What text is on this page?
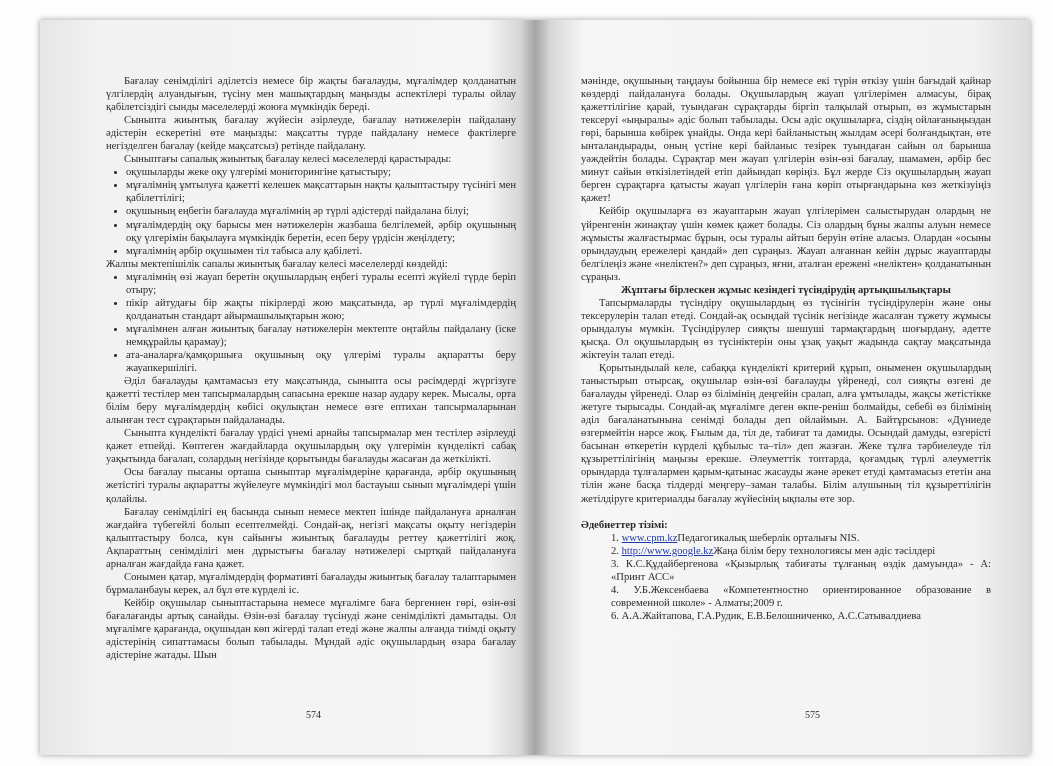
Бағалау сенімділігі әділетсіз немесе бір жақты бағалауды, мұғалімдер қолданатын үлгілердің алуандығын, түсіну мен машықтардың маңызды аспектілері туралы ойлау қабілетсіздігі сынды мәселелерді жоюға мүмкіндік береді.

Сыныпта жиынтық бағалау жүйесін әзірлеуде, бағалау нәтижелерін пайдалану әдістерін ескеретіні өте маңызды: мақсатты түрде пайдалану немесе фактілерге негізделген бағалау (кейде мақсатсыз) ретінде пайдалану.

Сыныптағы сапалық жиынтық бағалау келесі мәселелерді қарастырады:

• оқушыларды жеке оқу үлгерімі мониторингіне қатыстыру;
• мұғалімнің ұмтылуға қажетті келешек мақсаттарын нақты қалыптастыру түсінігі мен қабілеттілігі;
• оқушының еңбегін бағалауда мұғалімнің әр түрлі әдістерді пайдалана білуі;
• мұғалімдердің оқу барысы мен нәтижелерін жазбаша белгілемей, әрбір оқушының оқу үлгерімін бақылауға мүмкіндік беретін, есеп беру үрдісін жеңілдету;
• мұғалімнің әрбір оқушымен тіл табыса алу қабілеті.

Жалпы мектепішілік сапалы жиынтық бағалау келесі мәселелерді көздейді:

• мұғалімнің өзі жауап беретін оқушылардың еңбегі туралы есепті жүйелі түрде беріп отыру;
• пікір айтудағы бір жақты пікірлерді жою мақсатында, әр түрлі мұғалімдердің қолданатын стандарт айырмашылықтарын жою;
• мұғалімнен алған жиынтық бағалау нәтижелерін мектепте оңтайлы пайдалану (іске немқұрайлы қарамау);
• ата-аналарға/қамқоршыға оқушының оқу үлгерімі туралы ақпаратты беру жауапкершілігі.

Әділ бағалауды қамтамасыз ету мақсатында, сыныпта осы рәсімдерді жүргізуге қажетті тестілер мен тапсырмалардың сапасына ерекше назар аудару керек. Мысалы, орта білім беру мұғалімдердің көбісі оқулықтан немесе өзге ептихан тапсырмаларынан алынған тест сұрақтарын пайдаланады.

Сыныпта күнделікті бағалау үрдісі үнемі арнайы тапсырмалар мен тестілер әзірлеуді қажет етпейді. Көптеген жағдайларда оқушылардың оқу үлгерімін күнделікті сабақ уақытында бағалап, солардың негізінде қорытынды бағалауды жасаған да жеткілікті.

Осы бағалау пысаны орташа сыныптар мұғалімдеріне қарағанда, әрбір оқушының жетістігі туралы ақпаратты жүйелеуге мүмкіндігі мол бастауыш сынып мұғалімдері үшін қолайлы.

Бағалау сенімділігі ең басында сынып немесе мектеп ішінде пайдалануға арналған жағдайға түбегейлі болып есептелмейді. Сондай-ақ, негізгі мақсаты оқыту негіздерін қалыптастыру болса, күн сайынғы жиынтық бағалауды реттеу қажеттілігі жоқ. Ақпараттың сенімділігі мен дұрыстығы бағалау нәтижелері сыртқай пайдалануға арналған жағдайда ғана қажет.

Сонымен қатар, мұғалімдердің формативті бағалауды жиынтық бағалау талаптарымен бұрмаланбауы керек, ал бұл өте күрделі іс.

Кейбір оқушылар сыныптастарына немесе мұғалімге баға бергеннен гөрі, өзін-өзі бағалағанды артық санайды. Өзін-өзі бағалау түсінуді және сенімділікті дамытады. Ол мұғалімге қарағанда, оқушыдан көп жігерді талап етеді және жалпы алғанда тиімді оқыту әдістерінің сипаттамасы болып табылады. Мұндай әдіс оқушылардың өзара бағалау әдістеріне жатады. Шын

574

мәнінде, оқушының таңдауы бойынша бір немесе екі түрін өткізу үшін бағыдай қайнар көздерді пайдалануға болады. Оқушылардың жауап үлгілерімен алмасуы, бірақ қажеттілігіне қарай, туындаған сұрақтарды біргіп талқылай отырып, өз жұмыстарын тексеруі «ыңыралы» әдіс болып табылады. Осы әдіс оқушыларға, сіздің ойлағаныңыздан гөрі, барынша көбірек ұнайды. Онда кері байланыстың жылдам әсері болғандықтан, өте ынталандырады, оның үстіне кері байланыс тезірек туындаған сайын ол барынша уәждейтін болады. Сұрақтар мен жауап үлгілерін өзін-өзі бағалау, шамамен, әрбір бес минут сайын өткізілетіндей етіп дайындап көріңіз. Бұл жерде Сіз оқушылардың жауап берген сұрақтарға қатысты жауап үлгілерін ғана көріп отырғандарына көз жеткізуіңіз қажет!

Кейбір оқушыларға өз жауаптарын жауап үлгілерімен салыстырудан олардың не үйренгенін жинақтау үшін көмек қажет болады. Сіз олардың бұны жалпы алуын немесе жұмысты жалғастырмас бұрын, осы туралы айтып беруін өтіне аласыз. Олардан «осыны орындаудың ережелері қандай» деп сұраңыз. Жауап алғаннан кейін дұрыс жауаптарды белгілеңіз және «неліктен?» деп сұраңыз, яғни, аталған ережені «неліктен» қолданатынын сұраңыз.

Жұптағы бірлескен жұмыс кезіндегі түсіндірудің артықшылықтары

Тапсырмаларды түсіндіру оқушылардың өз түсінігін түсіндірулерін және оны тексерулерін талап етеді. Сондай-ақ осындай түсінік негізінде жасалған тұжету жұмысы орындалуы мүмкін. Түсіндірулер сияқты шешуші тармақтардың шоғырдану, әдетте қысқа. Ол оқушылардың өз түсініктерін оны ұзақ уақыт жадында сақтау мақсатында жіктеуін талап етеді.

Қорытындылай келе, сабаққа күнделікті критерий құрып, оныменен оқушылардың таныстырып отырсақ, оқушылар өзін-өзі бағалауды үйренеді, сол сияқты өзгені де бағалауды үйренеді. Олар өз білімінің деңгейін сралап, алға ұмтылады, жақсы жетістікке жетуге тырысады. Сондай-ақ мұғалімге деген өкпе-реніш болмайды, себебі өз білімінің әділ бағаланатынына сенімді болады деп ойлаймын. А. Байтұрсынов: «Дүниеде өзгермейтін нәрсе жоқ. Ғылым да, тіл де, табиғат та дамиды. Осындай дамуды, өзгерісті басынан өткеретін күрделі құбылыс та–тіл» деп жазған. Жеке тұлға тәрбиелеуде тіл құзыреттілігінің маңызы ерекше. Әлеуметтік топтарда, қоғамдық түрлі әлеуметтік орындарда тұлғалармен қарым-қатынас жасауды және әрекет етуді қамтамасыз ететін ана тілін және басқа тілдерді меңгеру–заман талабы. Білім алушының тіл құзыреттілігін жетілдіруге критериалды бағалау жүйесінің ықпалы өте зор.

Әдебиеттер тізімі:

1. www.cpm.kzПедагогикалық шеберлік орталығы NIS.
2. http://www.google.kzЖаңа білім беру технологиясы мен әдіс тәсілдері
3. К.С.Құдайбергенова «Қызырлық табиғаты тұлғаның өздік дамуында» - А: «Принт АСС»
4. У.Б.Жексенбаева «Компетентностно ориентированное образование в современной школе» - Алматы;2009 г.
6. А.А.Жайтапова, Г.А.Рудик, Е.В.Белошниченко, А.С.Сатывалдиева
575
